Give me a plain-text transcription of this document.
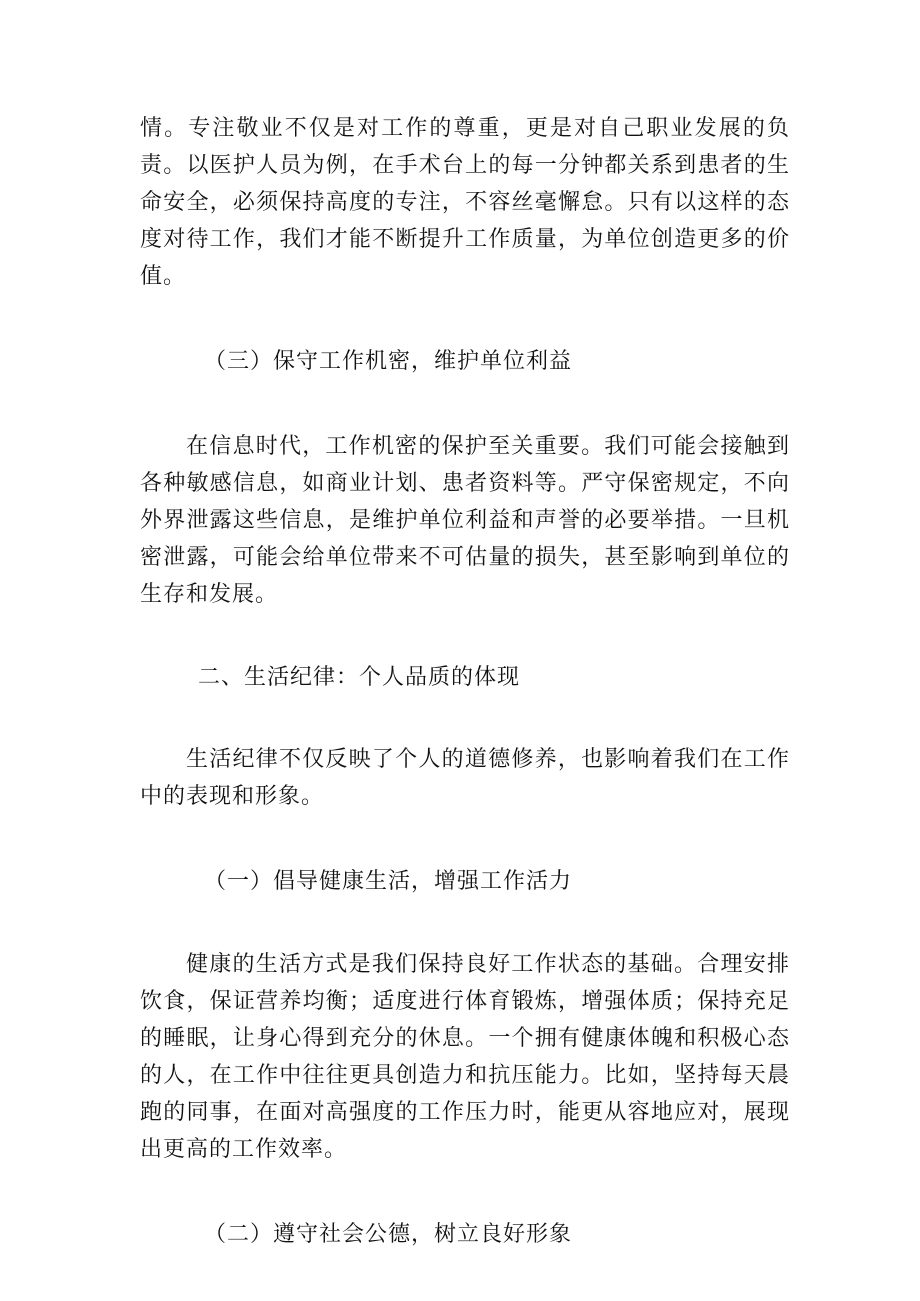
情。专注敬业不仅是对工作的尊重，更是对自己职业发展的负责。以医护人员为例，在手术台上的每一分钟都关系到患者的生命安全，必须保持高度的专注，不容丝毫懈怠。只有以这样的态度对待工作，我们才能不断提升工作质量，为单位创造更多的价值。

（三）保守工作机密，维护单位利益

在信息时代，工作机密的保护至关重要。我们可能会接触到各种敏感信息，如商业计划、患者资料等。严守保密规定，不向外界泄露这些信息，是维护单位利益和声誉的必要举措。一旦机密泄露，可能会给单位带来不可估量的损失，甚至影响到单位的生存和发展。

二、生活纪律：个人品质的体现

生活纪律不仅反映了个人的道德修养，也影响着我们在工作中的表现和形象。

（一）倡导健康生活，增强工作活力

健康的生活方式是我们保持良好工作状态的基础。合理安排饮食，保证营养均衡；适度进行体育锻炼，增强体质；保持充足的睡眠，让身心得到充分的休息。一个拥有健康体魄和积极心态的人，在工作中往往更具创造力和抗压能力。比如，坚持每天晨跑的同事，在面对高强度的工作压力时，能更从容地应对，展现出更高的工作效率。

（二）遵守社会公德，树立良好形象
